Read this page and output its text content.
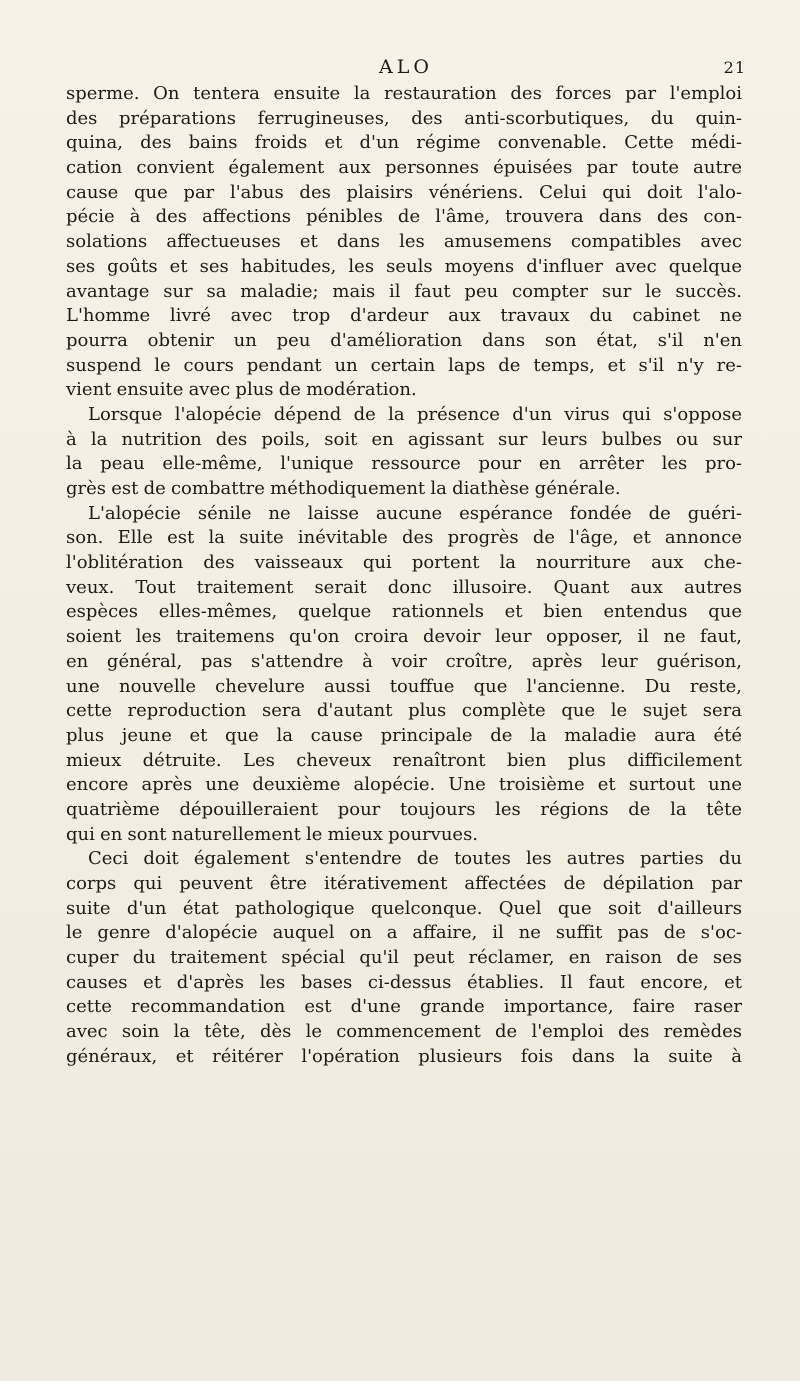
ALO	21
sperme. On tentera ensuite la restauration des forces par l'emploi
des préparations ferrugineuses, des anti-scorbutiques, du quin-
quina, des bains froids et d'un régime convenable. Cette médi-
cation convient également aux personnes épuisées par toute autre
cause que par l'abus des plaisirs vénériens. Celui qui doit l'alo-
pécie à des affections pénibles de l'âme, trouvera dans des con-
solations affectueuses et dans les amusemens compatibles avec
ses goûts et ses habitudes, les seuls moyens d'influer avec quelque
avantage sur sa maladie; mais il faut peu compter sur le succès.
L'homme livré avec trop d'ardeur aux travaux du cabinet ne
pourra obtenir un peu d'amélioration dans son état, s'il n'en
suspend le cours pendant un certain laps de temps, et s'il n'y re-
vient ensuite avec plus de modération.
Lorsque l'alopécie dépend de la présence d'un virus qui s'oppose
à la nutrition des poils, soit en agissant sur leurs bulbes ou sur
la peau elle-même, l'unique ressource pour en arrêter les pro-
grès est de combattre méthodiquement la diathèse générale.
L'alopécie sénile ne laisse aucune espérance fondée de guéri-
son. Elle est la suite inévitable des progrès de l'âge, et annonce
l'oblitération des vaisseaux qui portent la nourriture aux che-
veux. Tout traitement serait donc illusoire. Quant aux autres
espèces elles-mêmes, quelque rationnels et bien entendus que
soient les traitemens qu'on croira devoir leur opposer, il ne faut,
en général, pas s'attendre à voir croître, après leur guérison,
une nouvelle chevelure aussi touffue que l'ancienne. Du reste,
cette reproduction sera d'autant plus complète que le sujet sera
plus jeune et que la cause principale de la maladie aura été
mieux détruite. Les cheveux renaîtront bien plus difficilement
encore après une deuxième alopécie. Une troisième et surtout une
quatrième dépouilleraient pour toujours les régions de la tête
qui en sont naturellement le mieux pourvues.
Ceci doit également s'entendre de toutes les autres parties du
corps qui peuvent être itérativement affectées de dépilation par
suite d'un état pathologique quelconque. Quel que soit d'ailleurs
le genre d'alopécie auquel on a affaire, il ne suffit pas de s'oc-
cuper du traitement spécial qu'il peut réclamer, en raison de ses
causes et d'après les bases ci-dessus établies. Il faut encore, et
cette recommandation est d'une grande importance, faire raser
avec soin la tête, dès le commencement de l'emploi des remèdes
généraux, et réitérer l'opération plusieurs fois dans la suite à
